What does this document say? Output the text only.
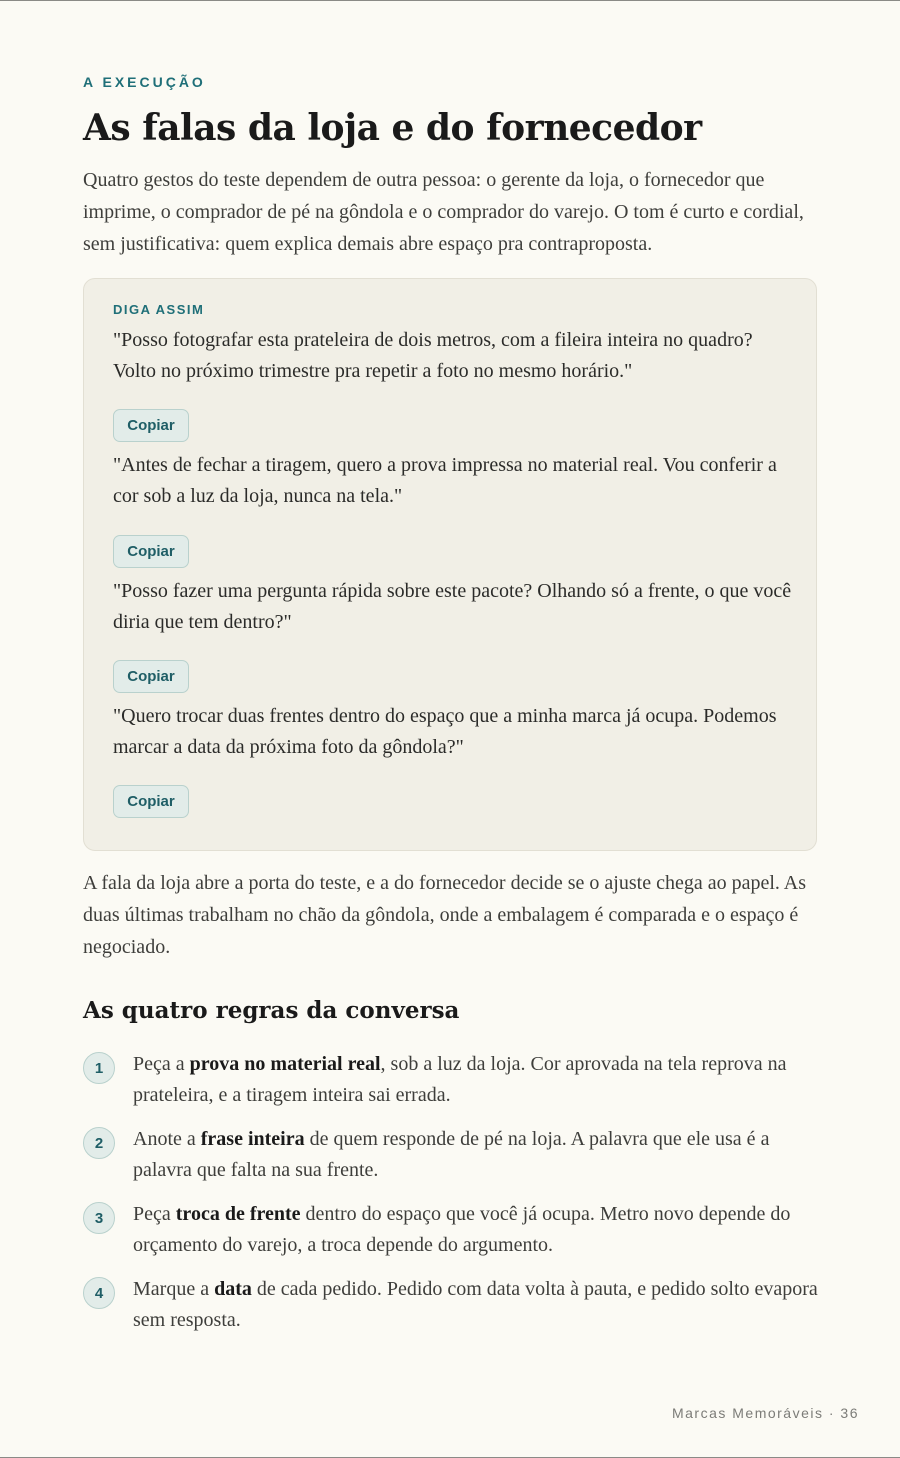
A EXECUÇÃO
As falas da loja e do fornecedor

Quatro gestos do teste dependem de outra pessoa: o gerente da loja, o fornecedor que imprime, o comprador de pé na gôndola e o comprador do varejo. O tom é curto e cordial, sem justificativa: quem explica demais abre espaço pra contraproposta.

DIGA ASSIM

"Posso fotografar esta prateleira de dois metros, com a fileira inteira no quadro? Volto no próximo trimestre pra repetir a foto no mesmo horário."

Copiar

"Antes de fechar a tiragem, quero a prova impressa no material real. Vou conferir a cor sob a luz da loja, nunca na tela."

Copiar

"Posso fazer uma pergunta rápida sobre este pacote? Olhando só a frente, o que você diria que tem dentro?"

Copiar

"Quero trocar duas frentes dentro do espaço que a minha marca já ocupa. Podemos marcar a data da próxima foto da gôndola?"

Copiar

A fala da loja abre a porta do teste, e a do fornecedor decide se o ajuste chega ao papel. As duas últimas trabalham no chão da gôndola, onde a embalagem é comparada e o espaço é negociado.

As quatro regras da conversa
1	Peça a prova no material real, sob a luz da loja. Cor aprovada na tela reprova na prateleira, e a tiragem inteira sai errada.

2	Anote a frase inteira de quem responde de pé na loja. A palavra que ele usa é a palavra que falta na sua frente.

3	Peça troca de frente dentro do espaço que você já ocupa. Metro novo depende do orçamento do varejo, a troca depende do argumento.

4	Marque a data de cada pedido. Pedido com data volta à pauta, e pedido solto evapora sem resposta.

Marcas Memoráveis · 36
